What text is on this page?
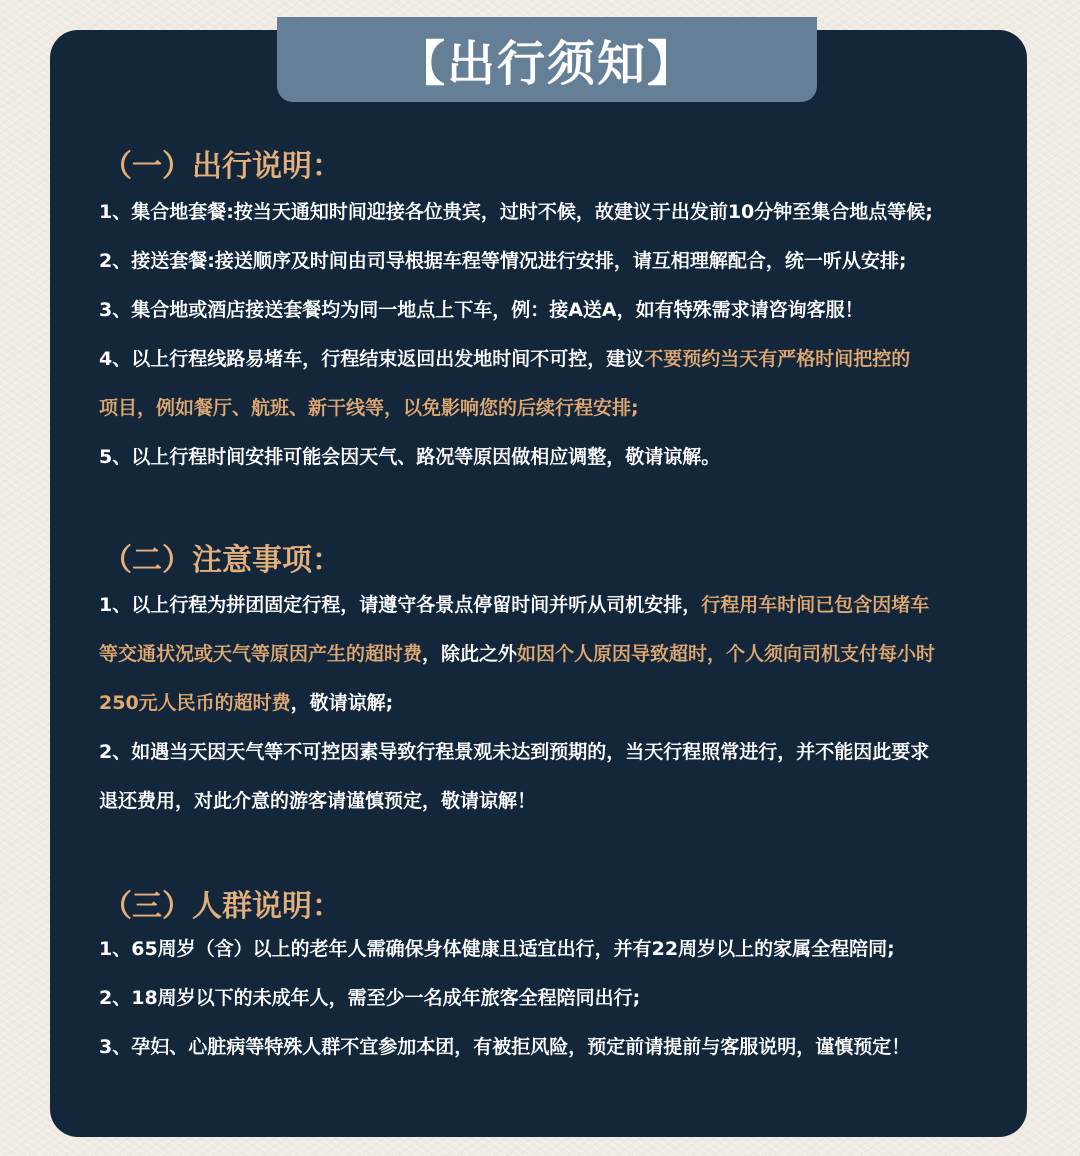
【出行须知】
（一）出行说明：
1、集合地套餐:按当天通知时间迎接各位贵宾，过时不候，故建议于出发前10分钟至集合地点等候;
2、接送套餐:接送顺序及时间由司导根据车程等情况进行安排，请互相理解配合，统一听从安排;
3、集合地或酒店接送套餐均为同一地点上下车，例：接A送A，如有特殊需求请咨询客服！
4、以上行程线路易堵车，行程结束返回出发地时间不可控，建议不要预约当天有严格时间把控的
项目，例如餐厅、航班、新干线等，以免影响您的后续行程安排;
5、以上行程时间安排可能会因天气、路况等原因做相应调整，敬请谅解。
（二）注意事项：
1、以上行程为拼团固定行程，请遵守各景点停留时间并听从司机安排，行程用车时间已包含因堵车
等交通状况或天气等原因产生的超时费，除此之外如因个人原因导致超时，个人须向司机支付每小时
250元人民币的超时费，敬请谅解;
2、如遇当天因天气等不可控因素导致行程景观未达到预期的，当天行程照常进行，并不能因此要求
退还费用，对此介意的游客请谨慎预定，敬请谅解！
（三）人群说明：
1、65周岁（含）以上的老年人需确保身体健康且适宜出行，并有22周岁以上的家属全程陪同;
2、18周岁以下的未成年人，需至少一名成年旅客全程陪同出行;
3、孕妇、心脏病等特殊人群不宜参加本团，有被拒风险，预定前请提前与客服说明，谨慎预定！
